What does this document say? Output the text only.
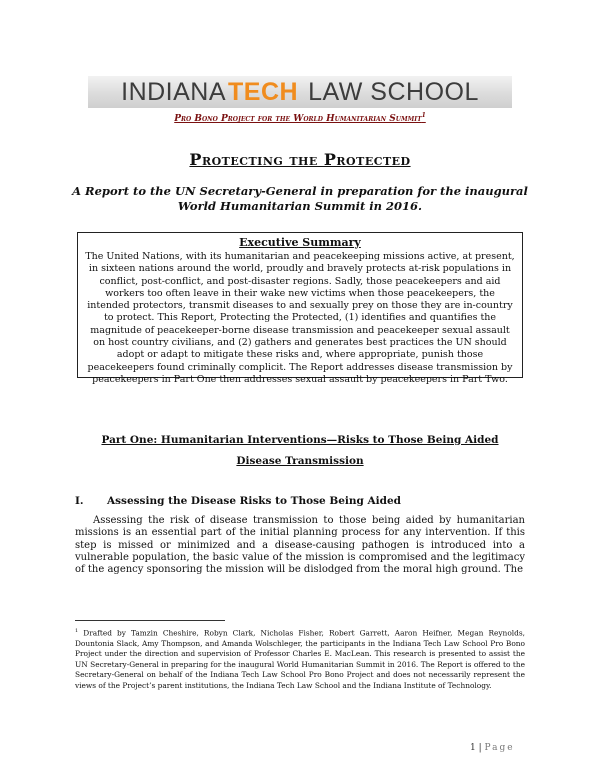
INDIANATECH LAW SCHOOL
Pro Bono Project for the World Humanitarian Summit$^1$
Protecting the Protected
A Report to the UN Secretary-General in preparation for the inaugural World Humanitarian Summit in 2016.
Executive Summary
The United Nations, with its humanitarian and peacekeeping missions active, at present, in sixteen nations around the world, proudly and bravely protects at-risk populations in conflict, post-conflict, and post-disaster regions. Sadly, those peacekeepers and aid workers too often leave in their wake new victims when those peacekeepers, the intended protectors, transmit diseases to and sexually prey on those they are in-country to protect. This Report, Protecting the Protected, (1) identifies and quantifies the magnitude of peacekeeper-borne disease transmission and peacekeeper sexual assault on host country civilians, and (2) gathers and generates best practices the UN should adopt or adapt to mitigate these risks and, where appropriate, punish those peacekeepers found criminally complicit. The Report addresses disease transmission by peacekeepers in Part One then addresses sexual assault by peacekeepers in Part Two.
Part One: Humanitarian Interventions—Risks to Those Being Aided
Disease Transmission
I. Assessing the Disease Risks to Those Being Aided
Assessing the risk of disease transmission to those being aided by humanitarian missions is an essential part of the initial planning process for any intervention. If this step is missed or minimized and a disease-causing pathogen is introduced into a vulnerable population, the basic value of the mission is compromised and the legitimacy of the agency sponsoring the mission will be dislodged from the moral high ground. The
$^1$ Drafted by Tamzin Cheshire, Robyn Clark, Nicholas Fisher, Robert Garrett, Aaron Heifner, Megan Reynolds, Dountonia Slack, Amy Thompson, and Amanda Wolschleger, the participants in the Indiana Tech Law School Pro Bono Project under the direction and supervision of Professor Charles E. MacLean. This research is presented to assist the UN Secretary-General in preparing for the inaugural World Humanitarian Summit in 2016. The Report is offered to the Secretary-General on behalf of the Indiana Tech Law School Pro Bono Project and does not necessarily represent the views of the Project’s parent institutions, the Indiana Tech Law School and the Indiana Institute of Technology.
1 | Page
